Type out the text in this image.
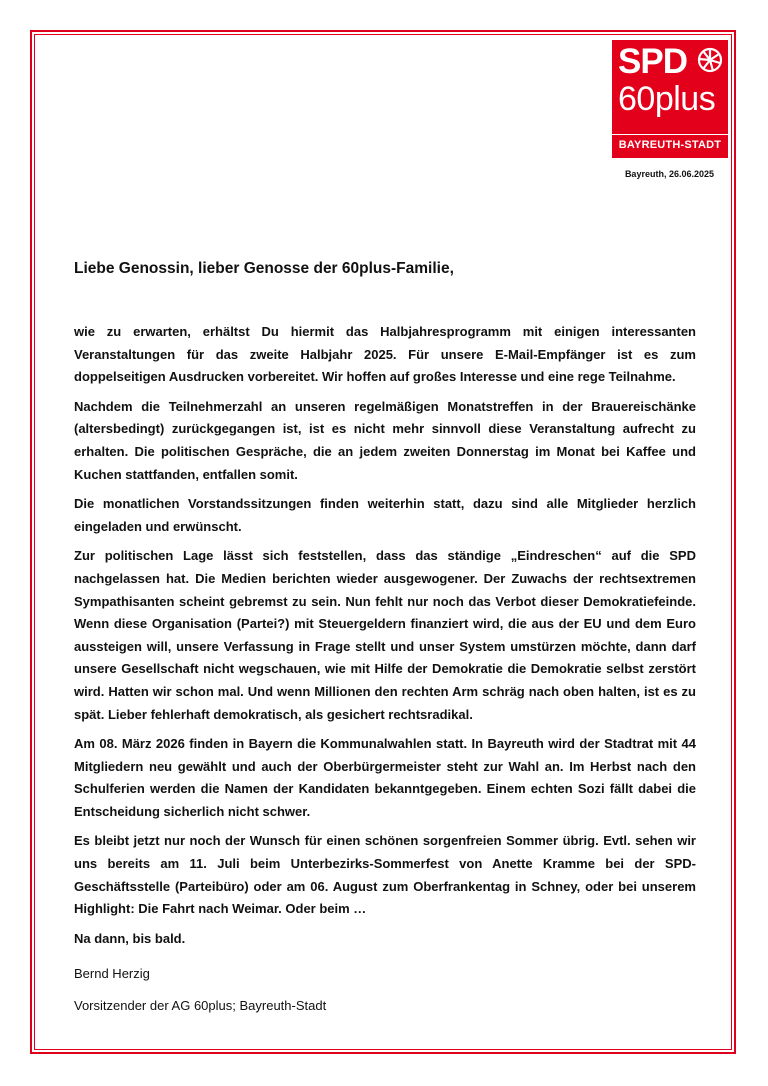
SPD
60plus
BAYREUTH-STADT
Bayreuth, 26.06.2025
Liebe Genossin, lieber Genosse der 60plus-Familie,

wie zu erwarten, erhältst Du hiermit das Halbjahresprogramm mit einigen interessanten Veranstaltungen für das zweite Halbjahr 2025. Für unsere E-Mail-Empfänger ist es zum doppelseitigen Ausdrucken vorbereitet. Wir hoffen auf großes Interesse und eine rege Teilnahme.

Nachdem die Teilnehmerzahl an unseren regelmäßigen Monatstreffen in der Brauereischänke (altersbedingt) zurückgegangen ist, ist es nicht mehr sinnvoll diese Veranstaltung aufrecht zu erhalten. Die politischen Gespräche, die an jedem zweiten Donnerstag im Monat bei Kaffee und Kuchen stattfanden, entfallen somit.

Die monatlichen Vorstandssitzungen finden weiterhin statt, dazu sind alle Mitglieder herzlich eingeladen und erwünscht.

Zur politischen Lage lässt sich feststellen, dass das ständige „Eindreschen“ auf die SPD nachgelassen hat. Die Medien berichten wieder ausgewogener. Der Zuwachs der rechtsextremen Sympathisanten scheint gebremst zu sein. Nun fehlt nur noch das Verbot dieser Demokratiefeinde. Wenn diese Organisation (Partei?) mit Steuergeldern finanziert wird, die aus der EU und dem Euro aussteigen will, unsere Verfassung in Frage stellt und unser System umstürzen möchte, dann darf unsere Gesellschaft nicht wegschauen, wie mit Hilfe der Demokratie die Demokratie selbst zerstört wird. Hatten wir schon mal. Und wenn Millionen den rechten Arm schräg nach oben halten, ist es zu spät. Lieber fehlerhaft demokratisch, als gesichert rechtsradikal.

Am 08. März 2026 finden in Bayern die Kommunalwahlen statt. In Bayreuth wird der Stadtrat mit 44 Mitgliedern neu gewählt und auch der Oberbürgermeister steht zur Wahl an. Im Herbst nach den Schulferien werden die Namen der Kandidaten bekanntgegeben. Einem echten Sozi fällt dabei die Entscheidung sicherlich nicht schwer.

Es bleibt jetzt nur noch der Wunsch für einen schönen sorgenfreien Sommer übrig. Evtl. sehen wir uns bereits am 11. Juli beim Unterbezirks-Sommerfest von Anette Kramme bei der SPD-Geschäftsstelle (Parteibüro) oder am 06. August zum Oberfrankentag in Schney, oder bei unserem Highlight: Die Fahrt nach Weimar. Oder beim …

Na dann, bis bald.

Bernd Herzig

Vorsitzender der AG 60plus; Bayreuth-Stadt
